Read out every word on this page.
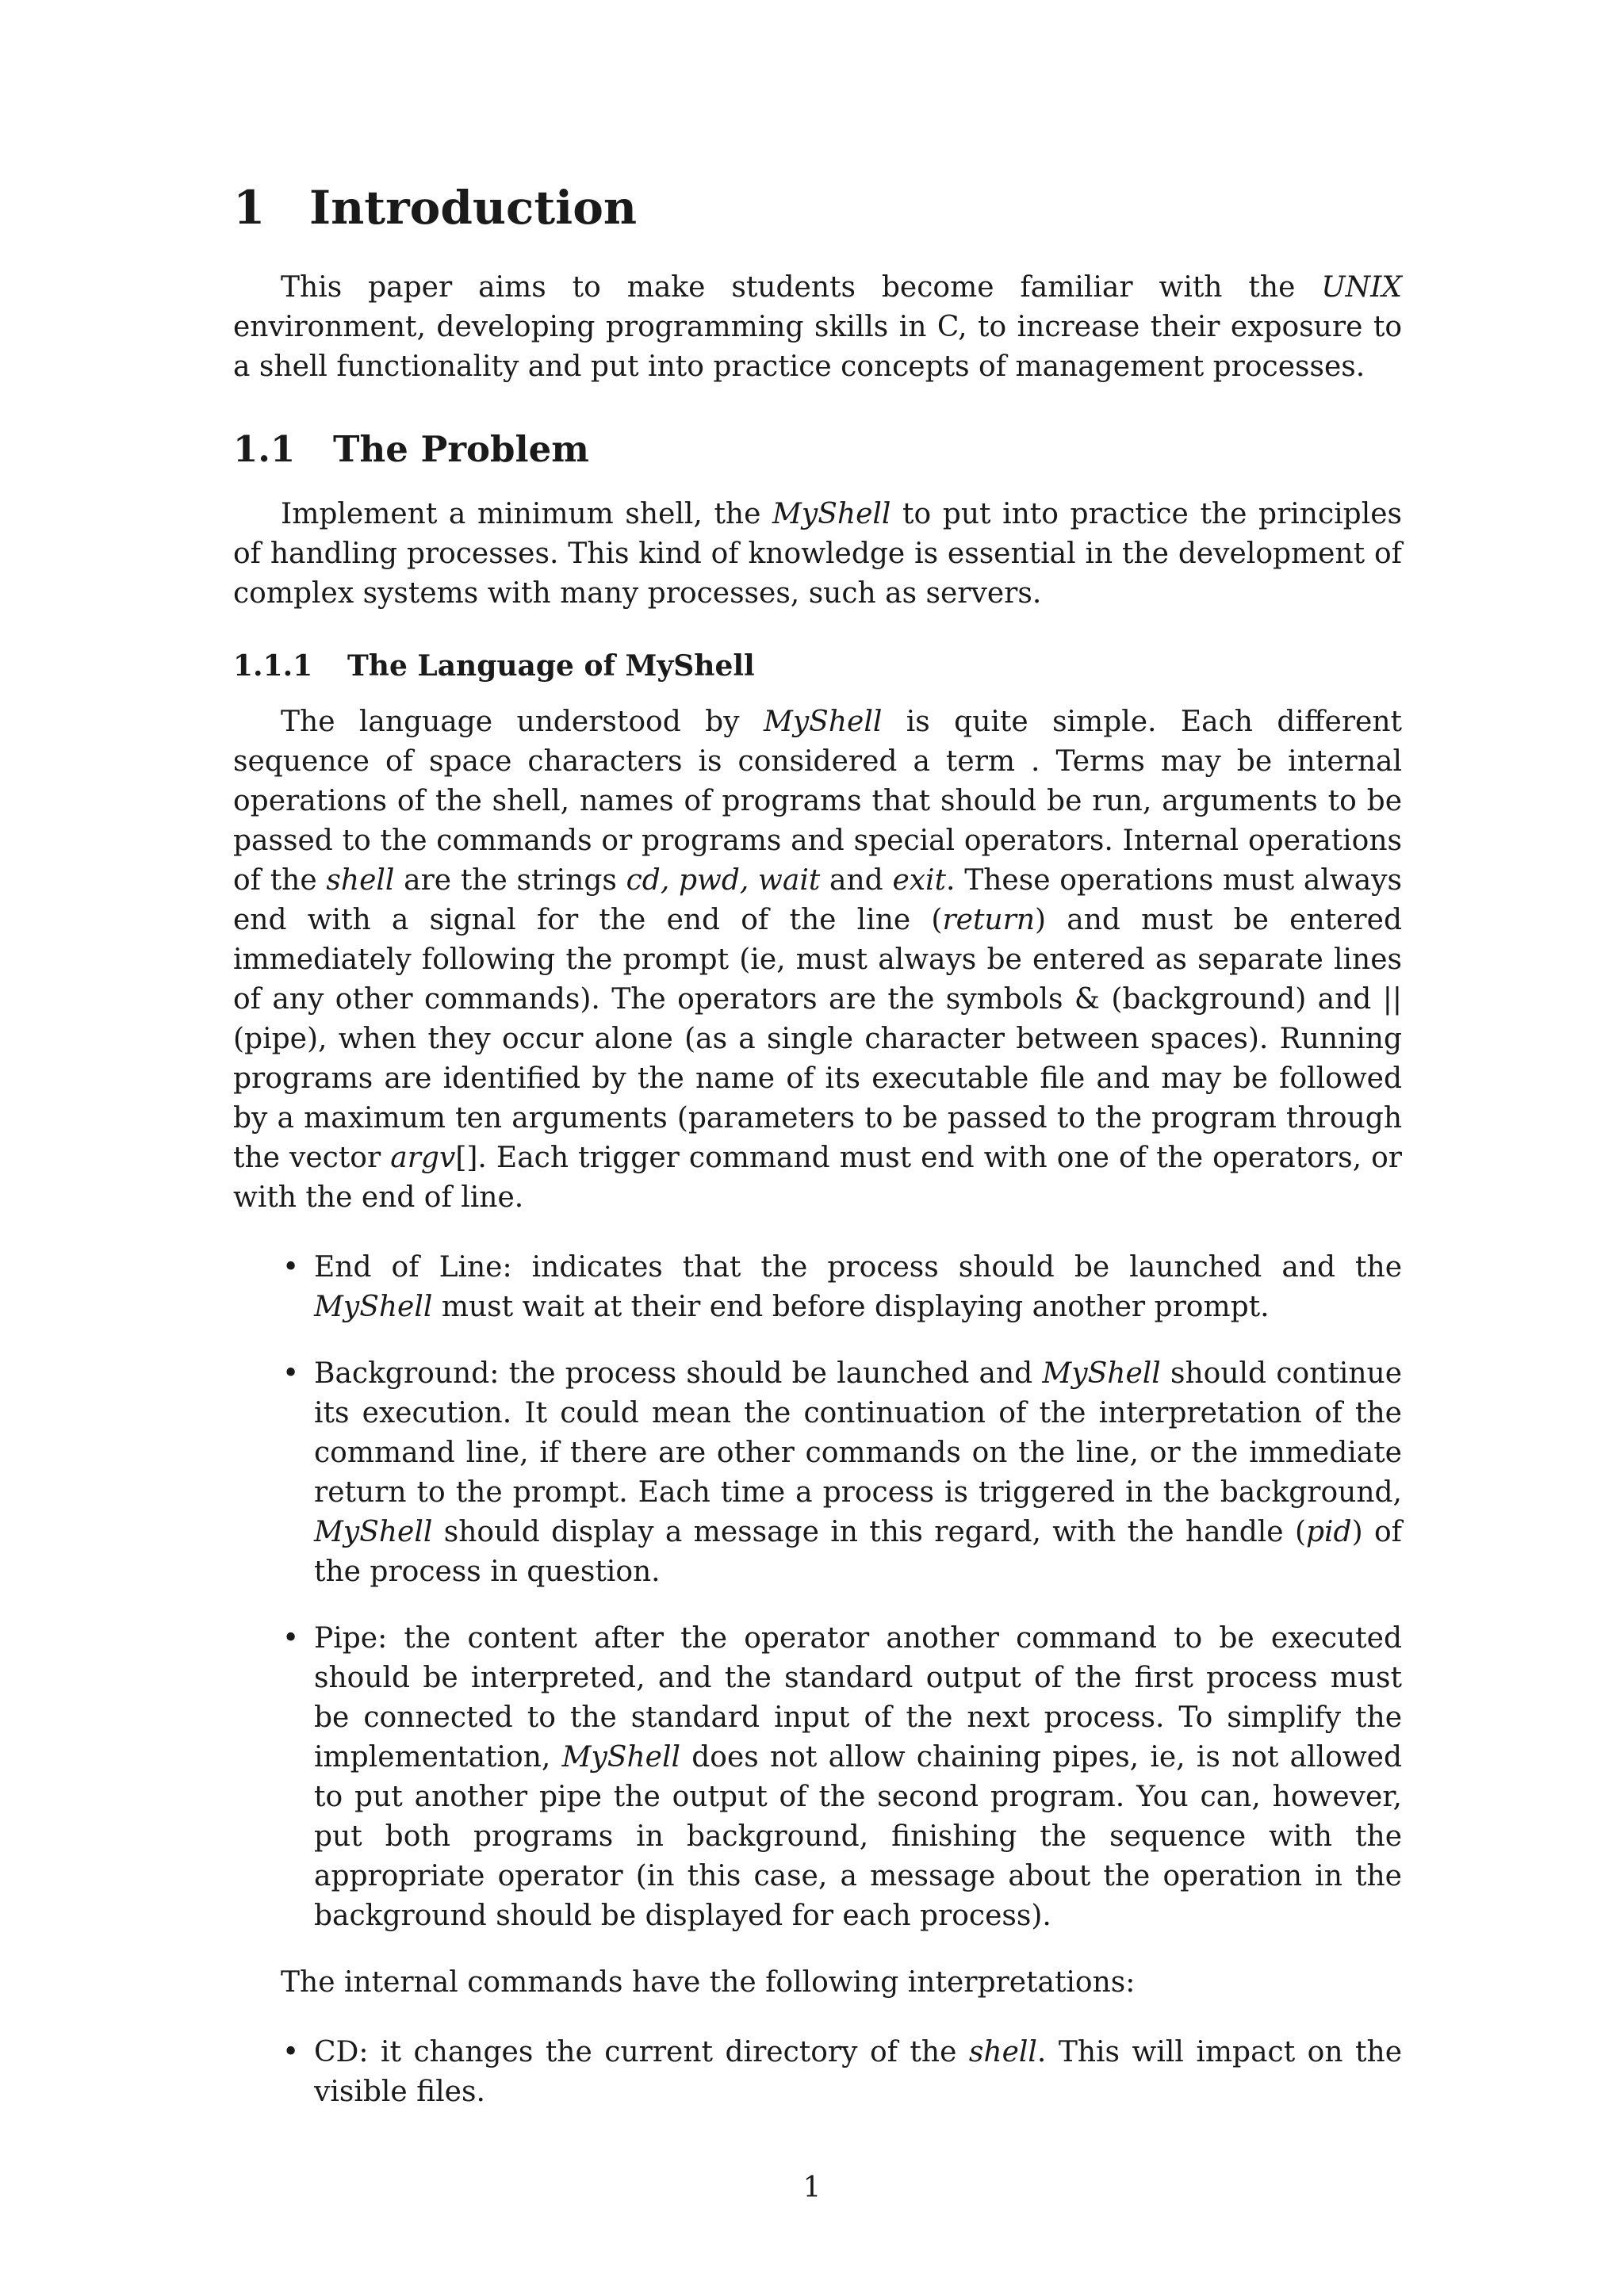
1 Introduction

This paper aims to make students become familiar with the UNIX environment, developing programming skills in C, to increase their exposure to a shell functionality and put into practice concepts of management processes.

1.1 The Problem

Implement a minimum shell, the MyShell to put into practice the principles of handling processes. This kind of knowledge is essential in the development of complex systems with many processes, such as servers.

1.1.1 The Language of MyShell

The language understood by MyShell is quite simple. Each different sequence of space characters is considered a term . Terms may be internal operations of the shell, names of programs that should be run, arguments to be passed to the commands or programs and special operators. Internal operations of the shell are the strings cd, pwd, wait and exit. These operations must always end with a signal for the end of the line (return) and must be entered immediately following the prompt (ie, must always be entered as separate lines of any other commands). The operators are the symbols & (background) and || (pipe), when they occur alone (as a single character between spaces). Running programs are identified by the name of its executable file and may be followed by a maximum ten arguments (parameters to be passed to the program through the vector argv[]. Each trigger command must end with one of the operators, or with the end of line.

• End of Line: indicates that the process should be launched and the MyShell must wait at their end before displaying another prompt.
• Background: the process should be launched and MyShell should continue its execution. It could mean the continuation of the interpretation of the command line, if there are other commands on the line, or the immediate return to the prompt. Each time a process is triggered in the background, MyShell should display a message in this regard, with the handle (pid) of the process in question.
• Pipe: the content after the operator another command to be executed should be interpreted, and the standard output of the first process must be connected to the standard input of the next process. To simplify the implementation, MyShell does not allow chaining pipes, ie, is not allowed to put another pipe the output of the second program. You can, however, put both programs in background, finishing the sequence with the appropriate operator (in this case, a message about the operation in the background should be displayed for each process).

The internal commands have the following interpretations:

• CD: it changes the current directory of the shell. This will impact on the visible files.
1
